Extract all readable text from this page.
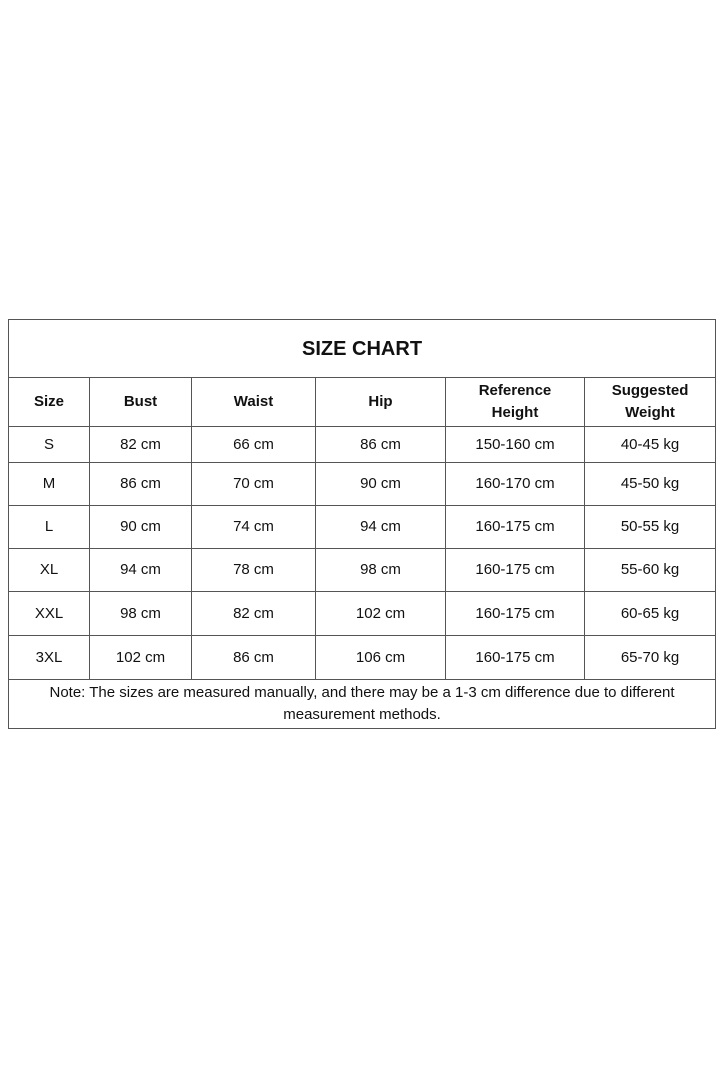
SIZE CHART					
Size	Bust	Waist	Hip	Reference Height	Suggested Weight
S	82 cm	66 cm	86 cm	150-160 cm	40-45 kg
M	86 cm	70 cm	90 cm	160-170 cm	45-50 kg
L	90 cm	74 cm	94 cm	160-175 cm	50-55 kg
XL	94 cm	78 cm	98 cm	160-175 cm	55-60 kg
XXL	98 cm	82 cm	102 cm	160-175 cm	60-65 kg
3XL	102 cm	86 cm	106 cm	160-175 cm	65-70 kg
Note: The sizes are measured manually, and there may be a 1-3 cm difference due to different measurement methods.					
